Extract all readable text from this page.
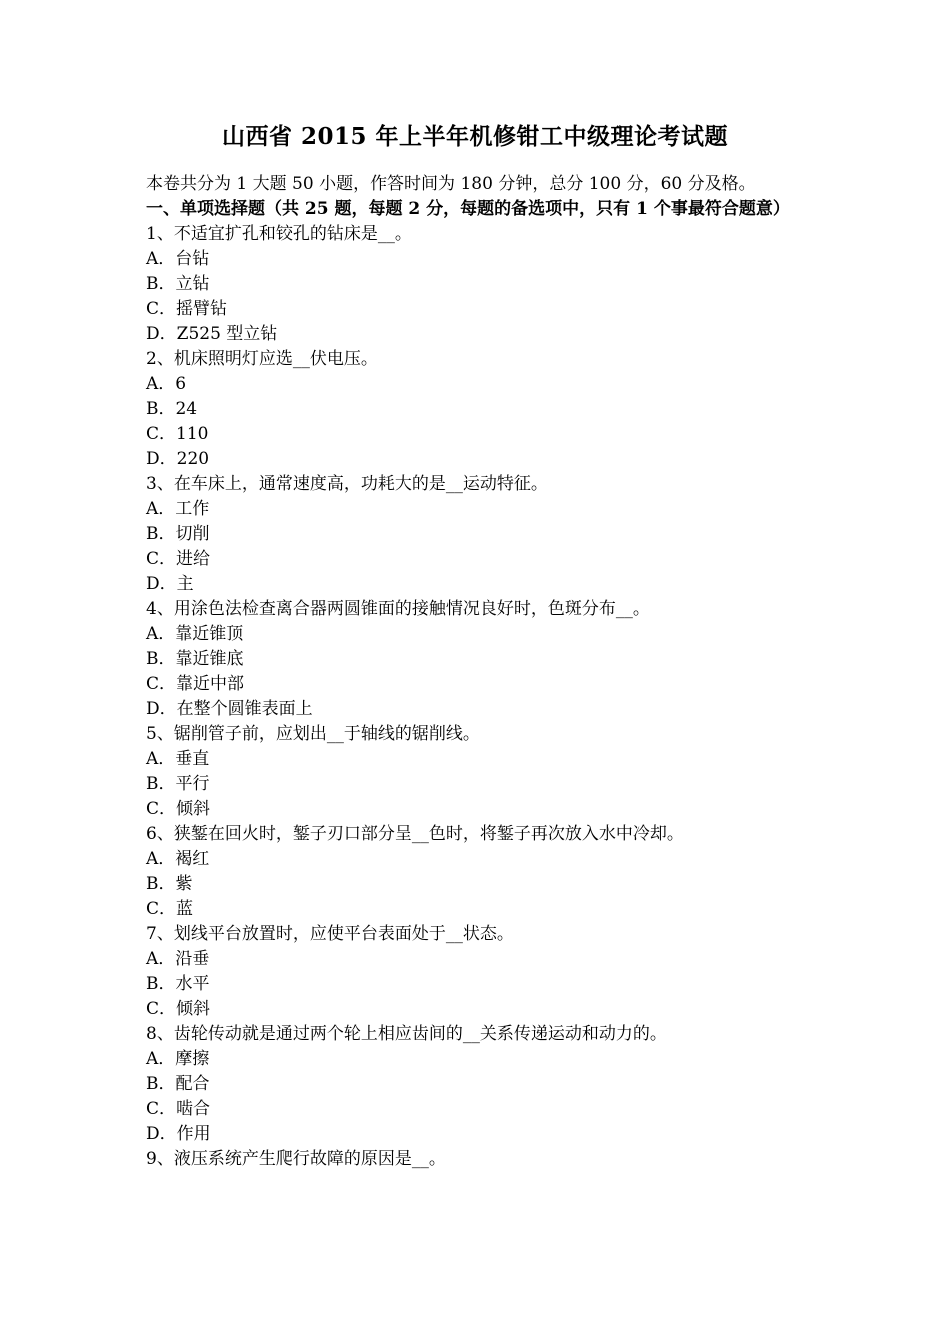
山西省 2015 年上半年机修钳工中级理论考试题
本卷共分为 1 大题 50 小题，作答时间为 180 分钟，总分 100 分，60 分及格。
一、单项选择题（共 25 题，每题 2 分，每题的备选项中，只有 1 个事最符合题意）
1、不适宜扩孔和铰孔的钻床是__。
A．台钻
B．立钻
C．摇臂钻
D．Z525 型立钻
2、机床照明灯应选__伏电压。
A．6
B．24
C．110
D．220
3、在车床上，通常速度高，功耗大的是__运动特征。
A．工作
B．切削
C．进给
D．主
4、用涂色法检查离合器两圆锥面的接触情况良好时，色斑分布__。
A．靠近锥顶
B．靠近锥底
C．靠近中部
D．在整个圆锥表面上
5、锯削管子前，应划出__于轴线的锯削线。
A．垂直
B．平行
C．倾斜
6、狭錾在回火时，錾子刃口部分呈__色时，将錾子再次放入水中冷却。
A．褐红
B．紫
C．蓝
7、划线平台放置时，应使平台表面处于__状态。
A．沿垂
B．水平
C．倾斜
8、齿轮传动就是通过两个轮上相应齿间的__关系传递运动和动力的。
A．摩擦
B．配合
C．啮合
D．作用
9、液压系统产生爬行故障的原因是__。
